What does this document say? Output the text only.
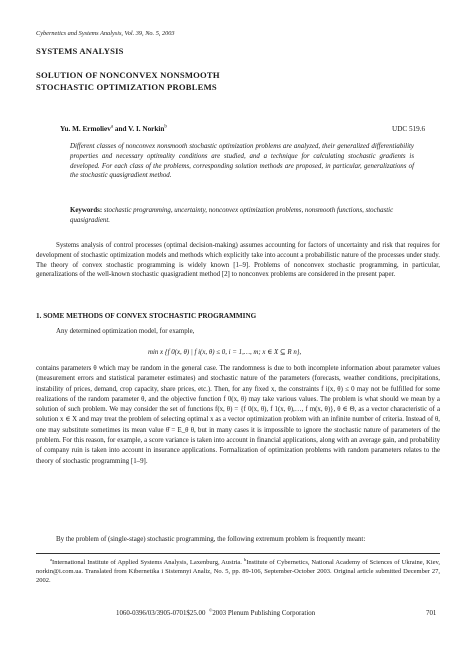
Cybernetics and Systems Analysis, Vol. 39, No. 5, 2003
SYSTEMS ANALYSIS
SOLUTION OF NONCONVEX NONSMOOTH
STOCHASTIC OPTIMIZATION PROBLEMS
Yu. M. Ermoliev$^a$ and V. I. Norkin$^b$	UDC 519.6
Different classes of nonconvex nonsmooth stochastic optimization problems are analyzed, their generalized differentiability properties and necessary optimality conditions are studied, and a technique for calculating stochastic gradients is developed. For each class of the problems, corresponding solution methods are proposed, in particular, generalizations of the stochastic quasigradient method.
Keywords: stochastic programming, uncertainty, nonconvex optimization problems, nonsmooth functions, stochastic quasigradient.
Systems analysis of control processes (optimal decision-making) assumes accounting for factors of uncertainty and risk that requires for development of stochastic optimization models and methods which explicitly take into account a probabilistic nature of the processes under study. The theory of convex stochastic programming is widely known [1–9]. Problems of nonconvex stochastic programming, in particular, generalizations of the well-known stochastic quasigradient method [2] to nonconvex problems are considered in the present paper.
1. SOME METHODS OF CONVEX STOCHASTIC PROGRAMMING
Any determined optimization model, for example,
min x {f 0(x, θ) | f i(x, θ) ≤ 0, i = 1,…, m; x ∈ X ⊆ R n},
contains parameters θ which may be random in the general case. The randomness is due to both incomplete information about parameter values (measurement errors and statistical parameter estimates) and stochastic nature of the parameters (forecasts, weather conditions, precipitations, instability of prices, demand, crop capacity, share prices, etc.). Then, for any fixed x, the constraints f i(x, θ) ≤ 0 may not be fulfilled for some realizations of the random parameter θ, and the objective function f 0(x, θ) may take various values. The problem is what should we mean by a solution of such problem. We may consider the set of functions f(x, θ) = {f 0(x, θ), f 1(x, θ),…, f m(x, θ)}, θ ∈ Θ, as a vector characteristic of a solution x ∈ X and may treat the problem of selecting optimal x as a vector optimization problem with an infinite number of criteria. Instead of θ, one may substitute sometimes its mean value θ̄ = E_θ θ, but in many cases it is impossible to ignore the stochastic nature of parameters of the problem. For this reason, for example, a score variance is taken into account in financial applications, along with an average gain, and probability of company ruin is taken into account in insurance applications. Formalization of optimization problems with random parameters relates to the theory of stochastic programming [1–9].
By the problem of (single-stage) stochastic programming, the following extremum problem is frequently meant:
$^a$International Institute of Applied Systems Analysis, Laxenburg, Austria. $^b$Institute of Cybernetics, National Academy of Sciences of Ukraine, Kiev, norkin@i.com.ua. Translated from Kibernetika i Sistemnyi Analiz, No. 5, pp. 89-106, September-October 2003. Original article submitted December 27, 2002.
1060-0396/03/3905-0701$25.00 ©2003 Plenum Publishing Corporation	701
